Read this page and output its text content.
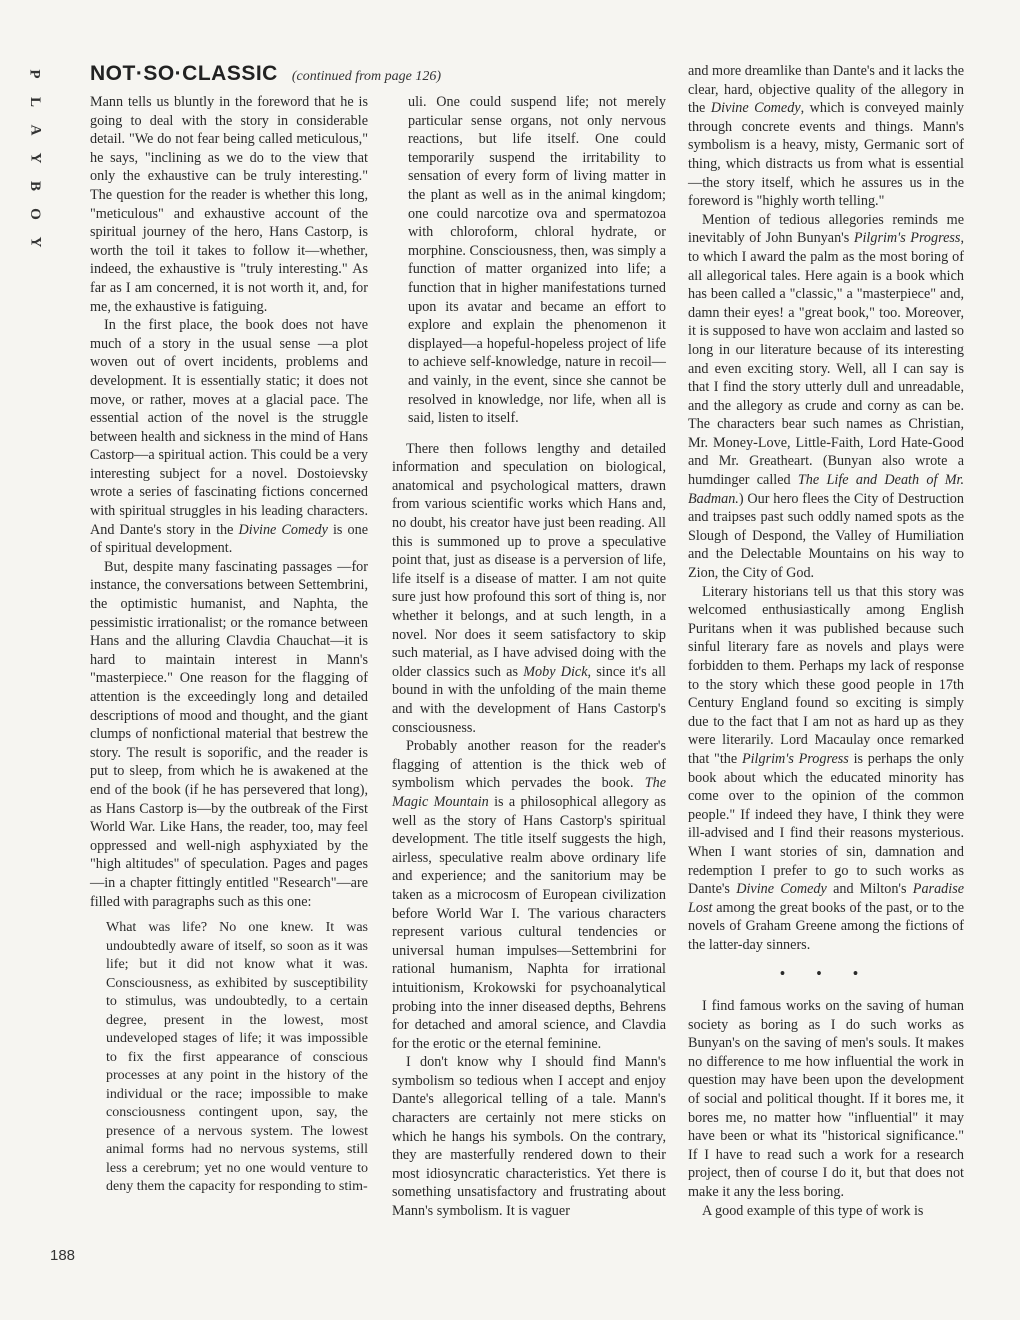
P
L
A
Y
B
O
Y
188
NOT·SO·CLASSIC (continued from page 126)

Mann tells us bluntly in the foreword that he is going to deal with the story in considerable detail. "We do not fear being called meticulous," he says, "inclining as we do to the view that only the exhaustive can be truly interesting." The question for the reader is whether this long, "meticulous" and exhaustive account of the spiritual journey of the hero, Hans Castorp, is worth the toil it takes to follow it—whether, indeed, the exhaustive is "truly interesting." As far as I am concerned, it is not worth it, and, for me, the exhaustive is fatiguing.

In the first place, the book does not have much of a story in the usual sense —a plot woven out of overt incidents, problems and development. It is essentially static; it does not move, or rather, moves at a glacial pace. The essential action of the novel is the struggle between health and sickness in the mind of Hans Castorp—a spiritual action. This could be a very interesting subject for a novel. Dostoievsky wrote a series of fascinating fictions concerned with spiritual struggles in his leading characters. And Dante's story in the Divine Comedy is one of spiritual development.

But, despite many fascinating passages —for instance, the conversations between Settembrini, the optimistic humanist, and Naphta, the pessimistic irrationalist; or the romance between Hans and the alluring Clavdia Chauchat—it is hard to maintain interest in Mann's "masterpiece." One reason for the flagging of attention is the exceedingly long and detailed descriptions of mood and thought, and the giant clumps of nonfictional material that bestrew the story. The result is soporific, and the reader is put to sleep, from which he is awakened at the end of the book (if he has persevered that long), as Hans Castorp is—by the outbreak of the First World War. Like Hans, the reader, too, may feel oppressed and well-nigh asphyxiated by the "high altitudes" of speculation. Pages and pages—in a chapter fittingly entitled "Research"—are filled with paragraphs such as this one:

What was life? No one knew. It was undoubtedly aware of itself, so soon as it was life; but it did not know what it was. Consciousness, as exhibited by susceptibility to stimulus, was undoubtedly, to a certain degree, present in the lowest, most undeveloped stages of life; it was impossible to fix the first appearance of conscious processes at any point in the history of the individual or the race; impossible to make consciousness contingent upon, say, the presence of a nervous system. The lowest animal forms had no nervous systems, still less a cerebrum; yet no one would venture to deny them the capacity for responding to stim-

uli. One could suspend life; not merely particular sense organs, not only nervous reactions, but life itself. One could temporarily suspend the irritability to sensation of every form of living matter in the plant as well as in the animal kingdom; one could narcotize ova and spermatozoa with chloroform, chloral hydrate, or morphine. Consciousness, then, was simply a function of matter organized into life; a function that in higher manifestations turned upon its avatar and became an effort to explore and explain the phenomenon it displayed—a hopeful-hopeless project of life to achieve self-knowledge, nature in recoil—and vainly, in the event, since she cannot be resolved in knowledge, nor life, when all is said, listen to itself.

There then follows lengthy and detailed information and speculation on biological, anatomical and psychological matters, drawn from various scientific works which Hans and, no doubt, his creator have just been reading. All this is summoned up to prove a speculative point that, just as disease is a perversion of life, life itself is a disease of matter. I am not quite sure just how profound this sort of thing is, nor whether it belongs, and at such length, in a novel. Nor does it seem satisfactory to skip such material, as I have advised doing with the older classics such as Moby Dick, since it's all bound in with the unfolding of the main theme and with the development of Hans Castorp's consciousness.

Probably another reason for the reader's flagging of attention is the thick web of symbolism which pervades the book. The Magic Mountain is a philosophical allegory as well as the story of Hans Castorp's spiritual development. The title itself suggests the high, airless, speculative realm above ordinary life and experience; and the sanitorium may be taken as a microcosm of European civilization before World War I. The various characters represent various cultural tendencies or universal human impulses—Settembrini for rational humanism, Naphta for irrational intuitionism, Krokowski for psychoanalytical probing into the inner diseased depths, Behrens for detached and amoral science, and Clavdia for the erotic or the eternal feminine.

I don't know why I should find Mann's symbolism so tedious when I accept and enjoy Dante's allegorical telling of a tale. Mann's characters are certainly not mere sticks on which he hangs his symbols. On the contrary, they are masterfully rendered down to their most idiosyncratic characteristics. Yet there is something unsatisfactory and frustrating about Mann's symbolism. It is vaguer

and more dreamlike than Dante's and it lacks the clear, hard, objective quality of the allegory in the Divine Comedy, which is conveyed mainly through concrete events and things. Mann's symbolism is a heavy, misty, Germanic sort of thing, which distracts us from what is essential—the story itself, which he assures us in the foreword is "highly worth telling."

Mention of tedious allegories reminds me inevitably of John Bunyan's Pilgrim's Progress, to which I award the palm as the most boring of all allegorical tales. Here again is a book which has been called a "classic," a "masterpiece" and, damn their eyes! a "great book," too. Moreover, it is supposed to have won acclaim and lasted so long in our literature because of its interesting and even exciting story. Well, all I can say is that I find the story utterly dull and unreadable, and the allegory as crude and corny as can be. The characters bear such names as Christian, Mr. Money-Love, Little-Faith, Lord Hate-Good and Mr. Greatheart. (Bunyan also wrote a humdinger called The Life and Death of Mr. Badman.) Our hero flees the City of Destruction and traipses past such oddly named spots as the Slough of Despond, the Valley of Humiliation and the Delectable Mountains on his way to Zion, the City of God.

Literary historians tell us that this story was welcomed enthusiastically among English Puritans when it was published because such sinful literary fare as novels and plays were forbidden to them. Perhaps my lack of response to the story which these good people in 17th Century England found so exciting is simply due to the fact that I am not as hard up as they were literarily. Lord Macaulay once remarked that "the Pilgrim's Progress is perhaps the only book about which the educated minority has come over to the opinion of the common people." If indeed they have, I think they were ill-advised and I find their reasons mysterious. When I want stories of sin, damnation and redemption I prefer to go to such works as Dante's Divine Comedy and Milton's Paradise Lost among the great books of the past, or to the novels of Graham Greene among the fictions of the latter-day sinners.

• • •

I find famous works on the saving of human society as boring as I do such works as Bunyan's on the saving of men's souls. It makes no difference to me how influential the work in question may have been upon the development of social and political thought. If it bores me, it bores me, no matter how "influential" it may have been or what its "historical significance." If I have to read such a work for a research project, then of course I do it, but that does not make it any the less boring.

A good example of this type of work is
